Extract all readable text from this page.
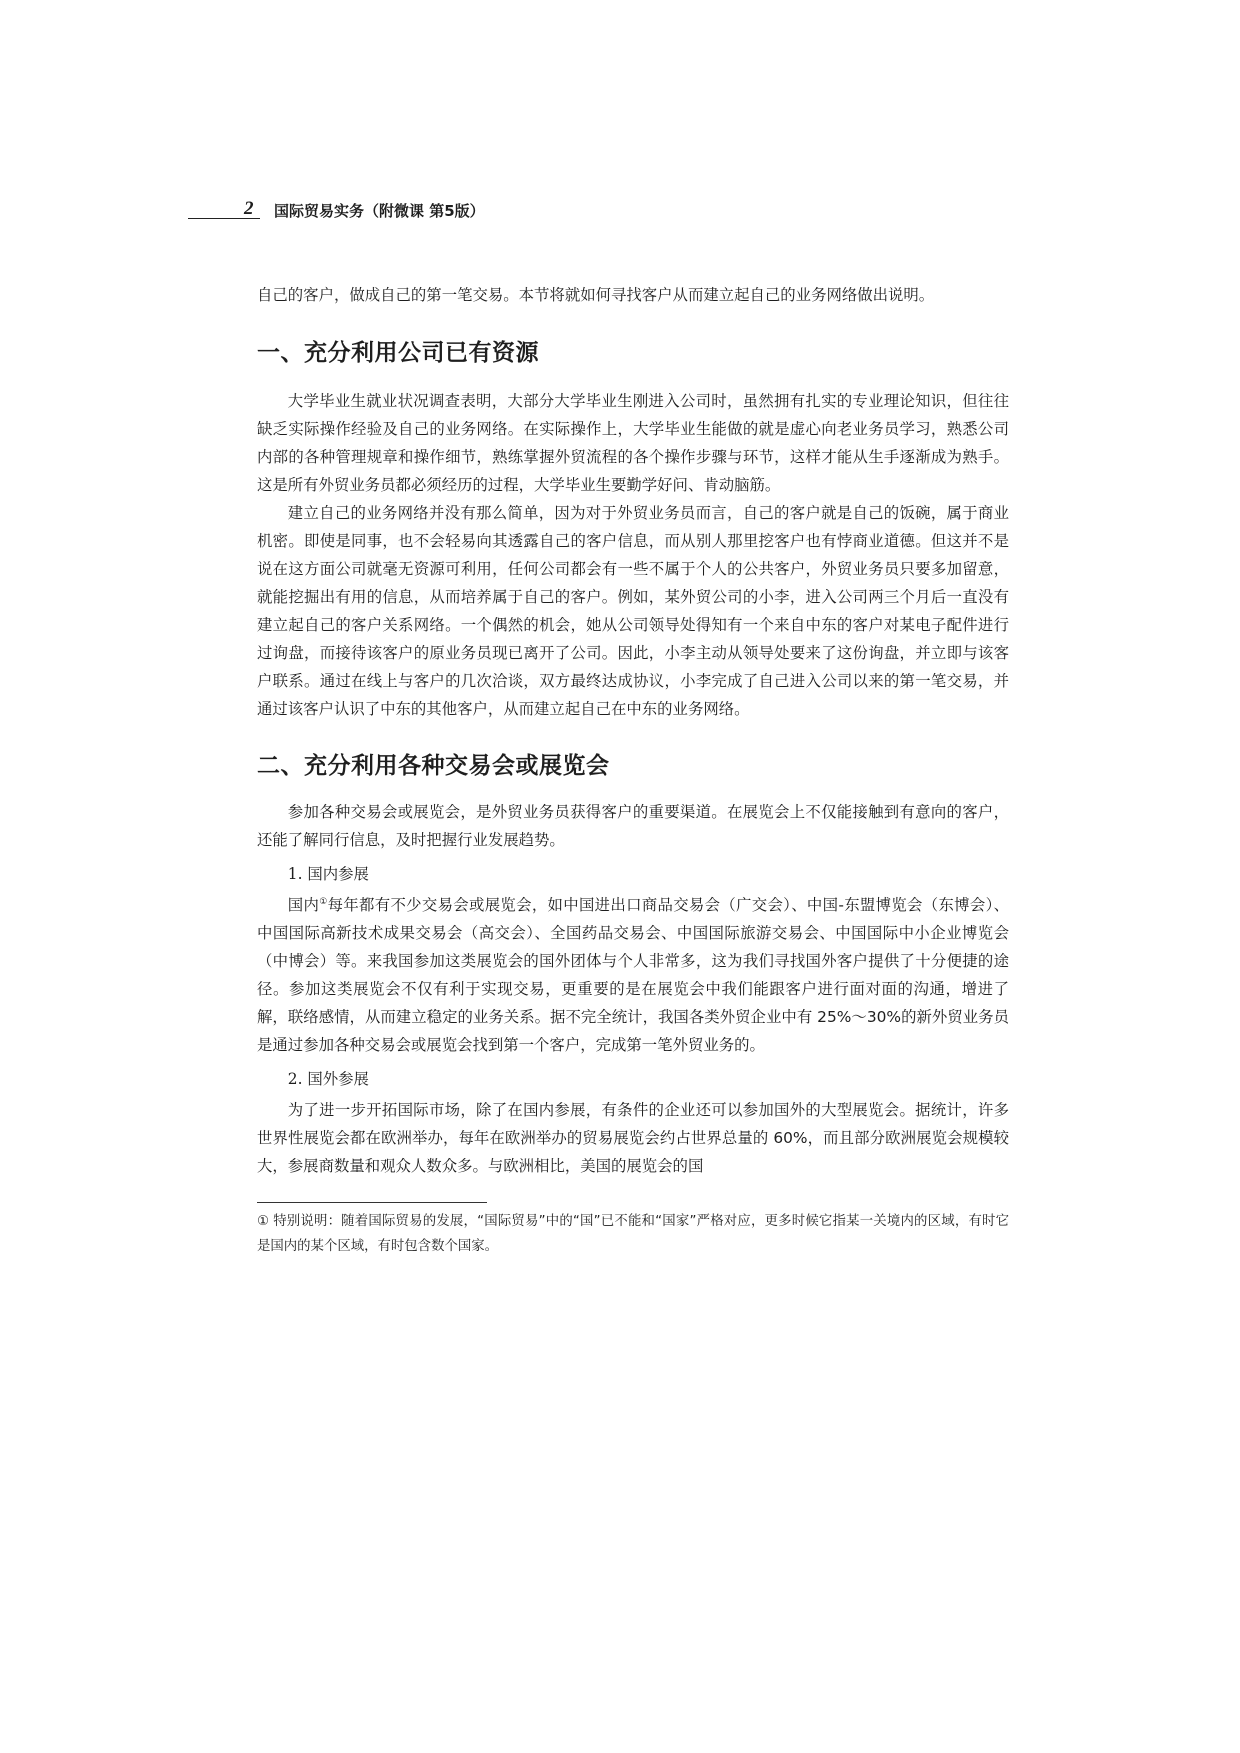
2 国际贸易实务（附微课 第5版）

自己的客户，做成自己的第一笔交易。本节将就如何寻找客户从而建立起自己的业务网络做出说明。

一、充分利用公司已有资源

大学毕业生就业状况调查表明，大部分大学毕业生刚进入公司时，虽然拥有扎实的专业理论知识，但往往缺乏实际操作经验及自己的业务网络。在实际操作上，大学毕业生能做的就是虚心向老业务员学习，熟悉公司内部的各种管理规章和操作细节，熟练掌握外贸流程的各个操作步骤与环节，这样才能从生手逐渐成为熟手。这是所有外贸业务员都必须经历的过程，大学毕业生要勤学好问、肯动脑筋。

建立自己的业务网络并没有那么简单，因为对于外贸业务员而言，自己的客户就是自己的饭碗，属于商业机密。即使是同事，也不会轻易向其透露自己的客户信息，而从别人那里挖客户也有悖商业道德。但这并不是说在这方面公司就毫无资源可利用，任何公司都会有一些不属于个人的公共客户，外贸业务员只要多加留意，就能挖掘出有用的信息，从而培养属于自己的客户。例如，某外贸公司的小李，进入公司两三个月后一直没有建立起自己的客户关系网络。一个偶然的机会，她从公司领导处得知有一个来自中东的客户对某电子配件进行过询盘，而接待该客户的原业务员现已离开了公司。因此，小李主动从领导处要来了这份询盘，并立即与该客户联系。通过在线上与客户的几次洽谈，双方最终达成协议，小李完成了自己进入公司以来的第一笔交易，并通过该客户认识了中东的其他客户，从而建立起自己在中东的业务网络。

二、充分利用各种交易会或展览会

参加各种交易会或展览会，是外贸业务员获得客户的重要渠道。在展览会上不仅能接触到有意向的客户，还能了解同行信息，及时把握行业发展趋势。

1. 国内参展

国内①每年都有不少交易会或展览会，如中国进出口商品交易会（广交会）、中国-东盟博览会（东博会）、中国国际高新技术成果交易会（高交会）、全国药品交易会、中国国际旅游交易会、中国国际中小企业博览会（中博会）等。来我国参加这类展览会的国外团体与个人非常多，这为我们寻找国外客户提供了十分便捷的途径。参加这类展览会不仅有利于实现交易，更重要的是在展览会中我们能跟客户进行面对面的沟通，增进了解，联络感情，从而建立稳定的业务关系。据不完全统计，我国各类外贸企业中有 25%～30%的新外贸业务员是通过参加各种交易会或展览会找到第一个客户，完成第一笔外贸业务的。

2. 国外参展

为了进一步开拓国际市场，除了在国内参展，有条件的企业还可以参加国外的大型展览会。据统计，许多世界性展览会都在欧洲举办，每年在欧洲举办的贸易展览会约占世界总量的 60%，而且部分欧洲展览会规模较大，参展商数量和观众人数众多。与欧洲相比，美国的展览会的国

① 特别说明：随着国际贸易的发展，“国际贸易”中的“国”已不能和“国家”严格对应，更多时候它指某一关境内的区域，有时它是国内的某个区域，有时包含数个国家。
